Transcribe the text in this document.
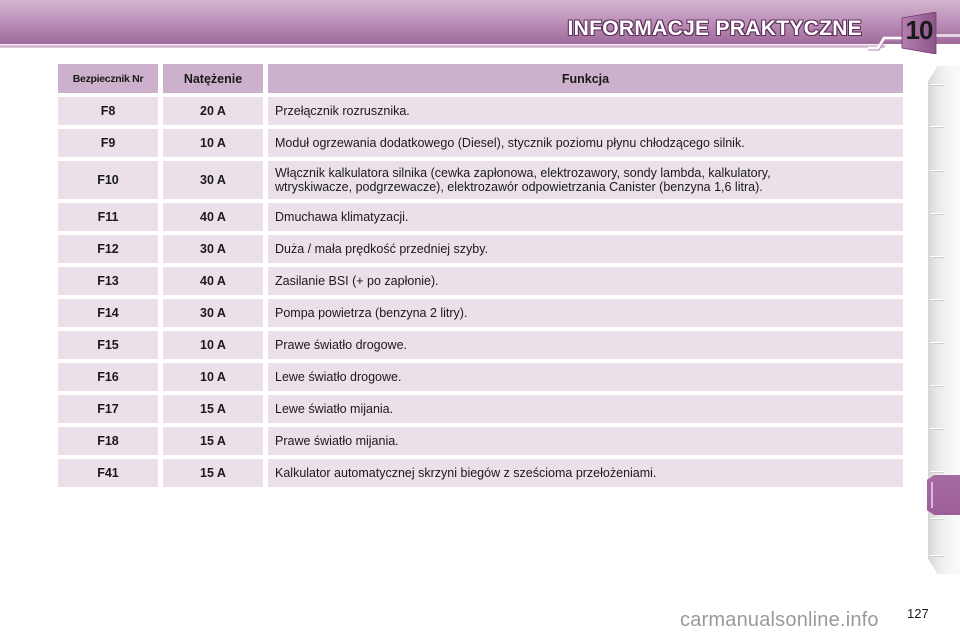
INFORMACJE PRAKTYCZNE 10
Bezpiecznik Nr	Natężenie	Funkcja
F8	20 A	Przełącznik rozrusznika.
F9	10 A	Moduł ogrzewania dodatkowego (Diesel), stycznik poziomu płynu chłodzącego silnik.
F10	30 A	Włącznik kalkulatora silnika (cewka zapłonowa, elektrozawory, sondy lambda, kalkulatory,
wtryskiwacze, podgrzewacze), elektrozawór odpowietrzania Canister (benzyna 1,6 litra).
F11	40 A	Dmuchawa klimatyzacji.
F12	30 A	Duża / mała prędkość przedniej szyby.
F13	40 A	Zasilanie BSI (+ po zapłonie).
F14	30 A	Pompa powietrza (benzyna 2 litry).
F15	10 A	Prawe światło drogowe.
F16	10 A	Lewe światło drogowe.
F17	15 A	Lewe światło mijania.
F18	15 A	Prawe światło mijania.
F41	15 A	Kalkulator automatycznej skrzyni biegów z sześcioma przełożeniami.
carmanualsonline.info 127
